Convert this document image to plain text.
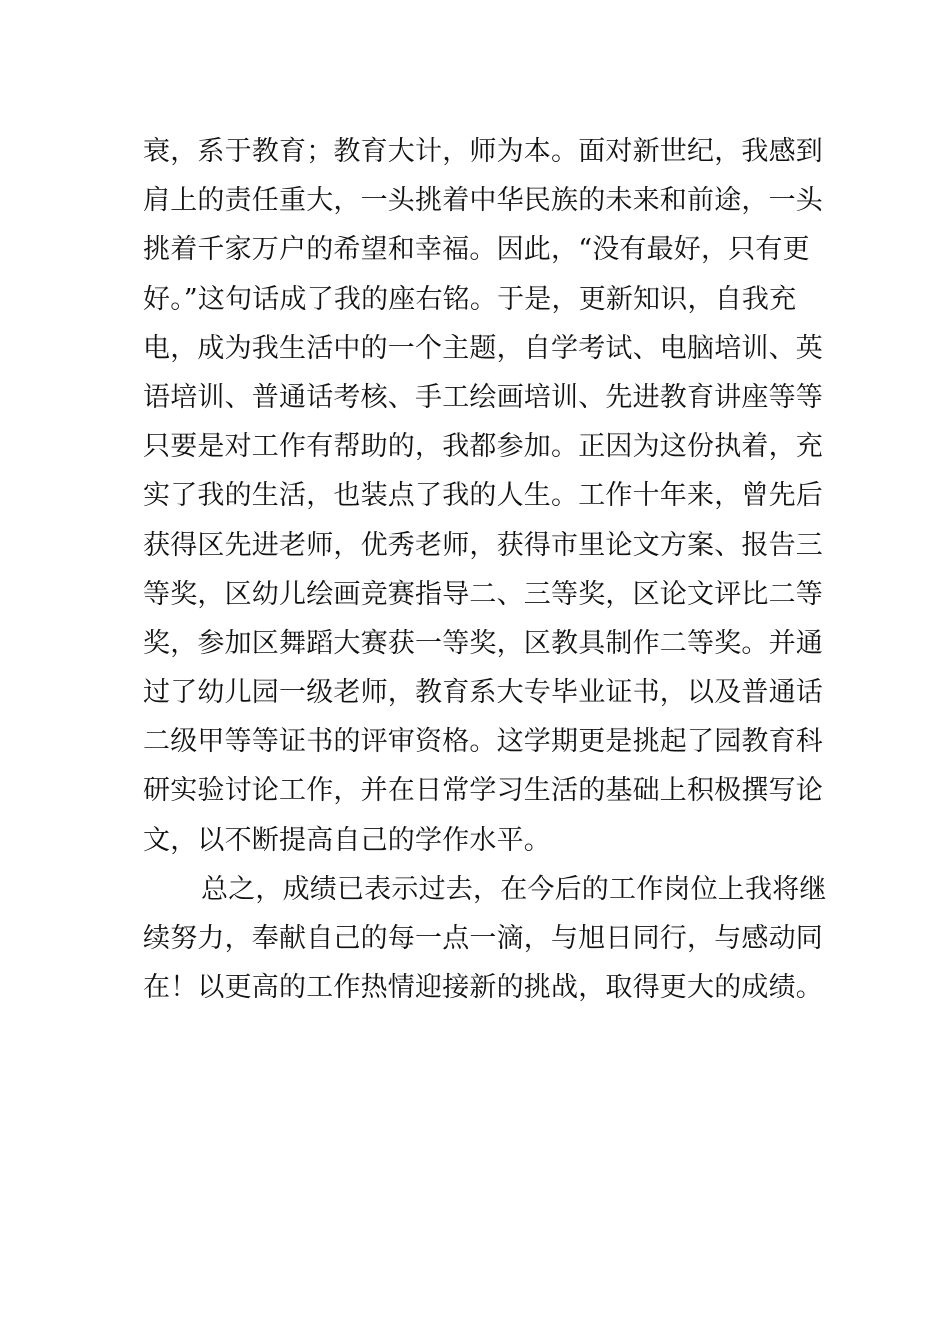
衰，系于教育；教育大计，师为本。面对新世纪，我感到
肩上的责任重大，一头挑着中华民族的未来和前途，一头
挑着千家万户的希望和幸福。因此，“没有最好，只有更
好。”这句话成了我的座右铭。于是，更新知识，自我充
电，成为我生活中的一个主题，自学考试、电脑培训、英
语培训、普通话考核、手工绘画培训、先进教育讲座等等
只要是对工作有帮助的，我都参加。正因为这份执着，充
实了我的生活，也装点了我的人生。工作十年来，曾先后
获得区先进老师，优秀老师，获得市里论文方案、报告三
等奖，区幼儿绘画竞赛指导二、三等奖，区论文评比二等
奖，参加区舞蹈大赛获一等奖，区教具制作二等奖。并通
过了幼儿园一级老师，教育系大专毕业证书，以及普通话
二级甲等等证书的评审资格。这学期更是挑起了园教育科
研实验讨论工作，并在日常学习生活的基础上积极撰写论
文，以不断提高自己的学作水平。
总之，成绩已表示过去，在今后的工作岗位上我将继
续努力，奉献自己的每一点一滴，与旭日同行，与感动同
在！以更高的工作热情迎接新的挑战，取得更大的成绩。
